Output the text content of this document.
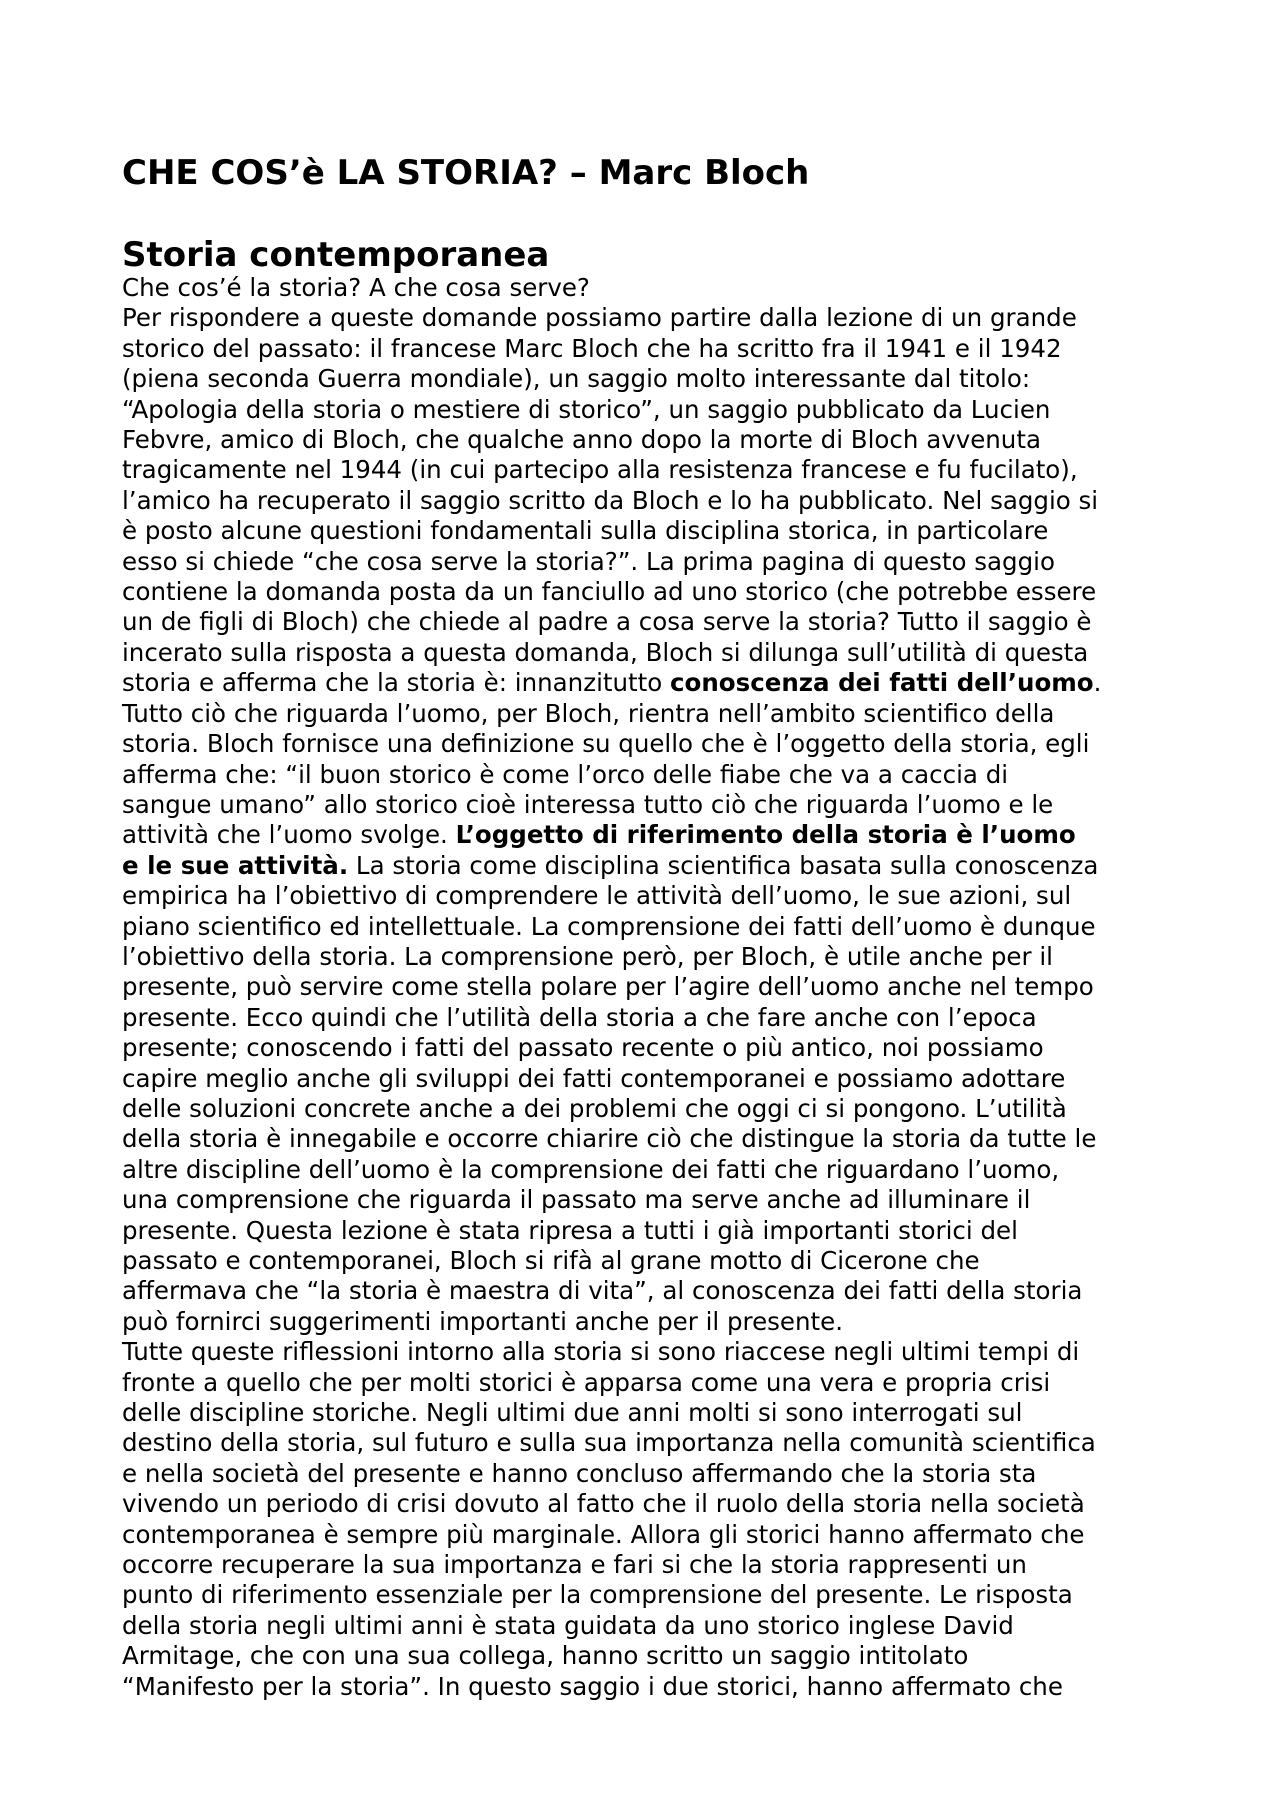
CHE COS’è LA STORIA? – Marc Bloch
Storia contemporanea
Che cos’é la storia? A che cosa serve?
Per rispondere a queste domande possiamo partire dalla lezione di un grande
storico del passato: il francese Marc Bloch che ha scritto fra il 1941 e il 1942
(piena seconda Guerra mondiale), un saggio molto interessante dal titolo:
“Apologia della storia o mestiere di storico”, un saggio pubblicato da Lucien
Febvre, amico di Bloch, che qualche anno dopo la morte di Bloch avvenuta
tragicamente nel 1944 (in cui partecipo alla resistenza francese e fu fucilato),
l’amico ha recuperato il saggio scritto da Bloch e lo ha pubblicato. Nel saggio si
è posto alcune questioni fondamentali sulla disciplina storica, in particolare
esso si chiede “che cosa serve la storia?”. La prima pagina di questo saggio
contiene la domanda posta da un fanciullo ad uno storico (che potrebbe essere
un de figli di Bloch) che chiede al padre a cosa serve la storia? Tutto il saggio è
incerato sulla risposta a questa domanda, Bloch si dilunga sull’utilità di questa
storia e afferma che la storia è: innanzitutto conoscenza dei fatti dell’uomo.
Tutto ciò che riguarda l’uomo, per Bloch, rientra nell’ambito scientifico della
storia. Bloch fornisce una definizione su quello che è l’oggetto della storia, egli
afferma che: “il buon storico è come l’orco delle fiabe che va a caccia di
sangue umano” allo storico cioè interessa tutto ciò che riguarda l’uomo e le
attività che l’uomo svolge. L’oggetto di riferimento della storia è l’uomo
e le sue attività. La storia come disciplina scientifica basata sulla conoscenza
empirica ha l’obiettivo di comprendere le attività dell’uomo, le sue azioni, sul
piano scientifico ed intellettuale. La comprensione dei fatti dell’uomo è dunque
l’obiettivo della storia. La comprensione però, per Bloch, è utile anche per il
presente, può servire come stella polare per l’agire dell’uomo anche nel tempo
presente. Ecco quindi che l’utilità della storia a che fare anche con l’epoca
presente; conoscendo i fatti del passato recente o più antico, noi possiamo
capire meglio anche gli sviluppi dei fatti contemporanei e possiamo adottare
delle soluzioni concrete anche a dei problemi che oggi ci si pongono. L’utilità
della storia è innegabile e occorre chiarire ciò che distingue la storia da tutte le
altre discipline dell’uomo è la comprensione dei fatti che riguardano l’uomo,
una comprensione che riguarda il passato ma serve anche ad illuminare il
presente. Questa lezione è stata ripresa a tutti i già importanti storici del
passato e contemporanei, Bloch si rifà al grane motto di Cicerone che
affermava che “la storia è maestra di vita”, al conoscenza dei fatti della storia
può fornirci suggerimenti importanti anche per il presente.
Tutte queste riflessioni intorno alla storia si sono riaccese negli ultimi tempi di
fronte a quello che per molti storici è apparsa come una vera e propria crisi
delle discipline storiche. Negli ultimi due anni molti si sono interrogati sul
destino della storia, sul futuro e sulla sua importanza nella comunità scientifica
e nella società del presente e hanno concluso affermando che la storia sta
vivendo un periodo di crisi dovuto al fatto che il ruolo della storia nella società
contemporanea è sempre più marginale. Allora gli storici hanno affermato che
occorre recuperare la sua importanza e fari si che la storia rappresenti un
punto di riferimento essenziale per la comprensione del presente. Le risposta
della storia negli ultimi anni è stata guidata da uno storico inglese David
Armitage, che con una sua collega, hanno scritto un saggio intitolato
“Manifesto per la storia”. In questo saggio i due storici, hanno affermato che
